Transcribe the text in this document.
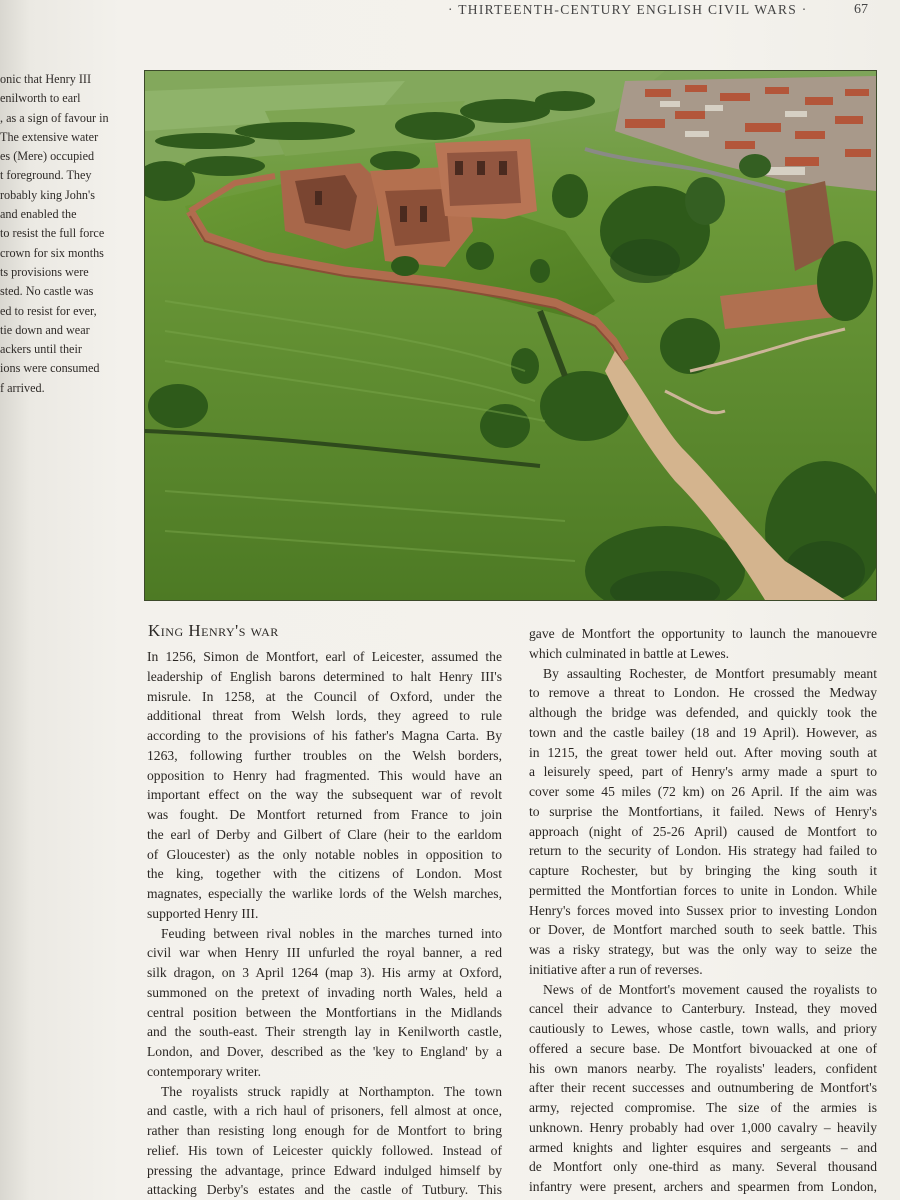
· THIRTEENTH-CENTURY ENGLISH CIVIL WARS ·	67
onic that Henry III
enilworth to earl
, as a sign of favour in
The extensive water
es (Mere) occupied
t foreground. They
robably king John's
and enabled the
to resist the full force
crown for six months
ts provisions were
sted. No castle was
ed to resist for ever,
tie down and wear
ackers until their
ions were consumed
f arrived.
King Henry's war
In 1256, Simon de Montfort, earl of Leicester, assumed the
leadership of English barons determined to halt Henry III's
misrule. In 1258, at the Council of Oxford, under the
additional threat from Welsh lords, they agreed to rule
according to the provisions of his father's Magna Carta. By
1263, following further troubles on the Welsh borders,
opposition to Henry had fragmented. This would have an
important effect on the way the subsequent war of revolt
was fought. De Montfort returned from France to join
the earl of Derby and Gilbert of Clare (heir to the earldom
of Gloucester) as the only notable nobles in opposition to
the king, together with the citizens of London. Most
magnates, especially the warlike lords of the Welsh marches,
supported Henry III.
Feuding between rival nobles in the marches turned into
civil war when Henry III unfurled the royal banner, a red
silk dragon, on 3 April 1264 (map 3). His army at Oxford,
summoned on the pretext of invading north Wales, held a
central position between the Montfortians in the Midlands
and the south-east. Their strength lay in Kenilworth castle,
London, and Dover, described as the 'key to England' by a
contemporary writer.
The royalists struck rapidly at Northampton. The town
and castle, with a rich haul of prisoners, fell almost at once,
rather than resisting long enough for de Montfort to bring
relief. His town of Leicester quickly followed. Instead of
pressing the advantage, prince Edward indulged himself by
attacking Derby's estates and the castle of Tutbury. This
gave de Montfort the opportunity to launch the manouevre
which culminated in battle at Lewes.
By assaulting Rochester, de Montfort presumably meant
to remove a threat to London. He crossed the Medway
although the bridge was defended, and quickly took the
town and the castle bailey (18 and 19 April). However, as
in 1215, the great tower held out. After moving south at
a leisurely speed, part of Henry's army made a spurt to
cover some 45 miles (72 km) on 26 April. If the aim was
to surprise the Montfortians, it failed. News of Henry's
approach (night of 25-26 April) caused de Montfort to
return to the security of London. His strategy had failed to
capture Rochester, but by bringing the king south it
permitted the Montfortian forces to unite in London. While
Henry's forces moved into Sussex prior to investing London
or Dover, de Montfort marched south to seek battle. This
was a risky strategy, but was the only way to seize the
initiative after a run of reverses.
News of de Montfort's movement caused the royalists to
cancel their advance to Canterbury. Instead, they moved
cautiously to Lewes, whose castle, town walls, and priory
offered a secure base. De Montfort bivouacked at one of
his own manors nearby. The royalists' leaders, confident
after their recent successes and outnumbering de Montfort's
army, rejected compromise. The size of the armies is
unknown. Henry probably had over 1,000 cavalry – heavily
armed knights and lighter esquires and sergeants – and
de Montfort only one-third as many. Several thousand
infantry were present, archers and spearmen from London,
